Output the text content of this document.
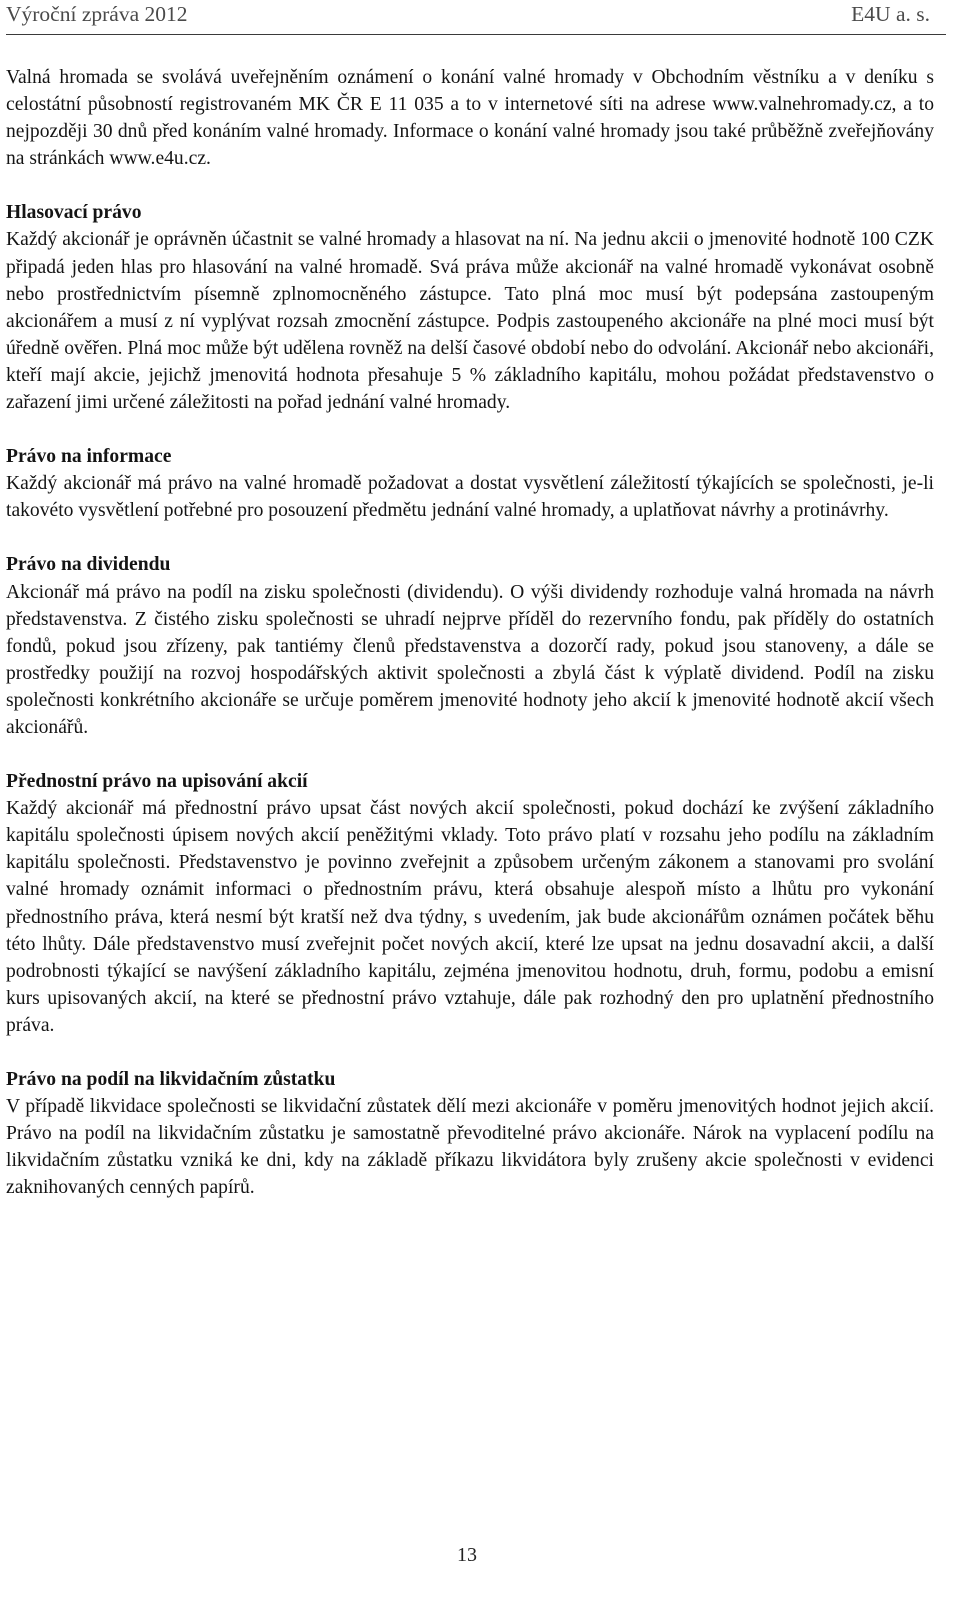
Výroční zpráva 2012	E4U a. s.

Valná hromada se svolává uveřejněním oznámení o konání valné hromady v Obchodním věstníku a v deníku s celostátní působností registrovaném MK ČR E 11 035 a to v internetové síti na adrese www.valnehromady.cz, a to nejpozději 30 dnů před konáním valné hromady. Informace o konání valné hromady jsou také průběžně zveřejňovány na stránkách www.e4u.cz.

Hlasovací právo

Každý akcionář je oprávněn účastnit se valné hromady a hlasovat na ní. Na jednu akcii o jmenovité hodnotě 100 CZK připadá jeden hlas pro hlasování na valné hromadě. Svá práva může akcionář na valné hromadě vykonávat osobně nebo prostřednictvím písemně zplnomocněného zástupce. Tato plná moc musí být podepsána zastoupeným akcionářem a musí z ní vyplývat rozsah zmocnění zástupce. Podpis zastoupeného akcionáře na plné moci musí být úředně ověřen. Plná moc může být udělena rovněž na delší časové období nebo do odvolání. Akcionář nebo akcionáři, kteří mají akcie, jejichž jmenovitá hodnota přesahuje 5 % základního kapitálu, mohou požádat představenstvo o zařazení jimi určené záležitosti na pořad jednání valné hromady.

Právo na informace

Každý akcionář má právo na valné hromadě požadovat a dostat vysvětlení záležitostí týkajících se společnosti, je-li takovéto vysvětlení potřebné pro posouzení předmětu jednání valné hromady, a uplatňovat návrhy a protinávrhy.

Právo na dividendu

Akcionář má právo na podíl na zisku společnosti (dividendu). O výši dividendy rozhoduje valná hromada na návrh představenstva. Z čistého zisku společnosti se uhradí nejprve příděl do rezervního fondu, pak příděly do ostatních fondů, pokud jsou zřízeny, pak tantiémy členů představenstva a dozorčí rady, pokud jsou stanoveny, a dále se prostředky použijí na rozvoj hospodářských aktivit společnosti a zbylá část k výplatě dividend. Podíl na zisku společnosti konkrétního akcionáře se určuje poměrem jmenovité hodnoty jeho akcií k jmenovité hodnotě akcií všech akcionářů.

Přednostní právo na upisování akcií

Každý akcionář má přednostní právo upsat část nových akcií společnosti, pokud dochází ke zvýšení základního kapitálu společnosti úpisem nových akcií peněžitými vklady. Toto právo platí v rozsahu jeho podílu na základním kapitálu společnosti. Představenstvo je povinno zveřejnit a způsobem určeným zákonem a stanovami pro svolání valné hromady oznámit informaci o přednostním právu, která obsahuje alespoň místo a lhůtu pro vykonání přednostního práva, která nesmí být kratší než dva týdny, s uvedením, jak bude akcionářům oznámen počátek běhu této lhůty. Dále představenstvo musí zveřejnit počet nových akcií, které lze upsat na jednu dosavadní akcii, a další podrobnosti týkající se navýšení základního kapitálu, zejména jmenovitou hodnotu, druh, formu, podobu a emisní kurs upisovaných akcií, na které se přednostní právo vztahuje, dále pak rozhodný den pro uplatnění přednostního práva.

Právo na podíl na likvidačním zůstatku

V případě likvidace společnosti se likvidační zůstatek dělí mezi akcionáře v poměru jmenovitých hodnot jejich akcií. Právo na podíl na likvidačním zůstatku je samostatně převoditelné právo akcionáře. Nárok na vyplacení podílu na likvidačním zůstatku vzniká ke dni, kdy na základě příkazu likvidátora byly zrušeny akcie společnosti v evidenci zaknihovaných cenných papírů.

13
